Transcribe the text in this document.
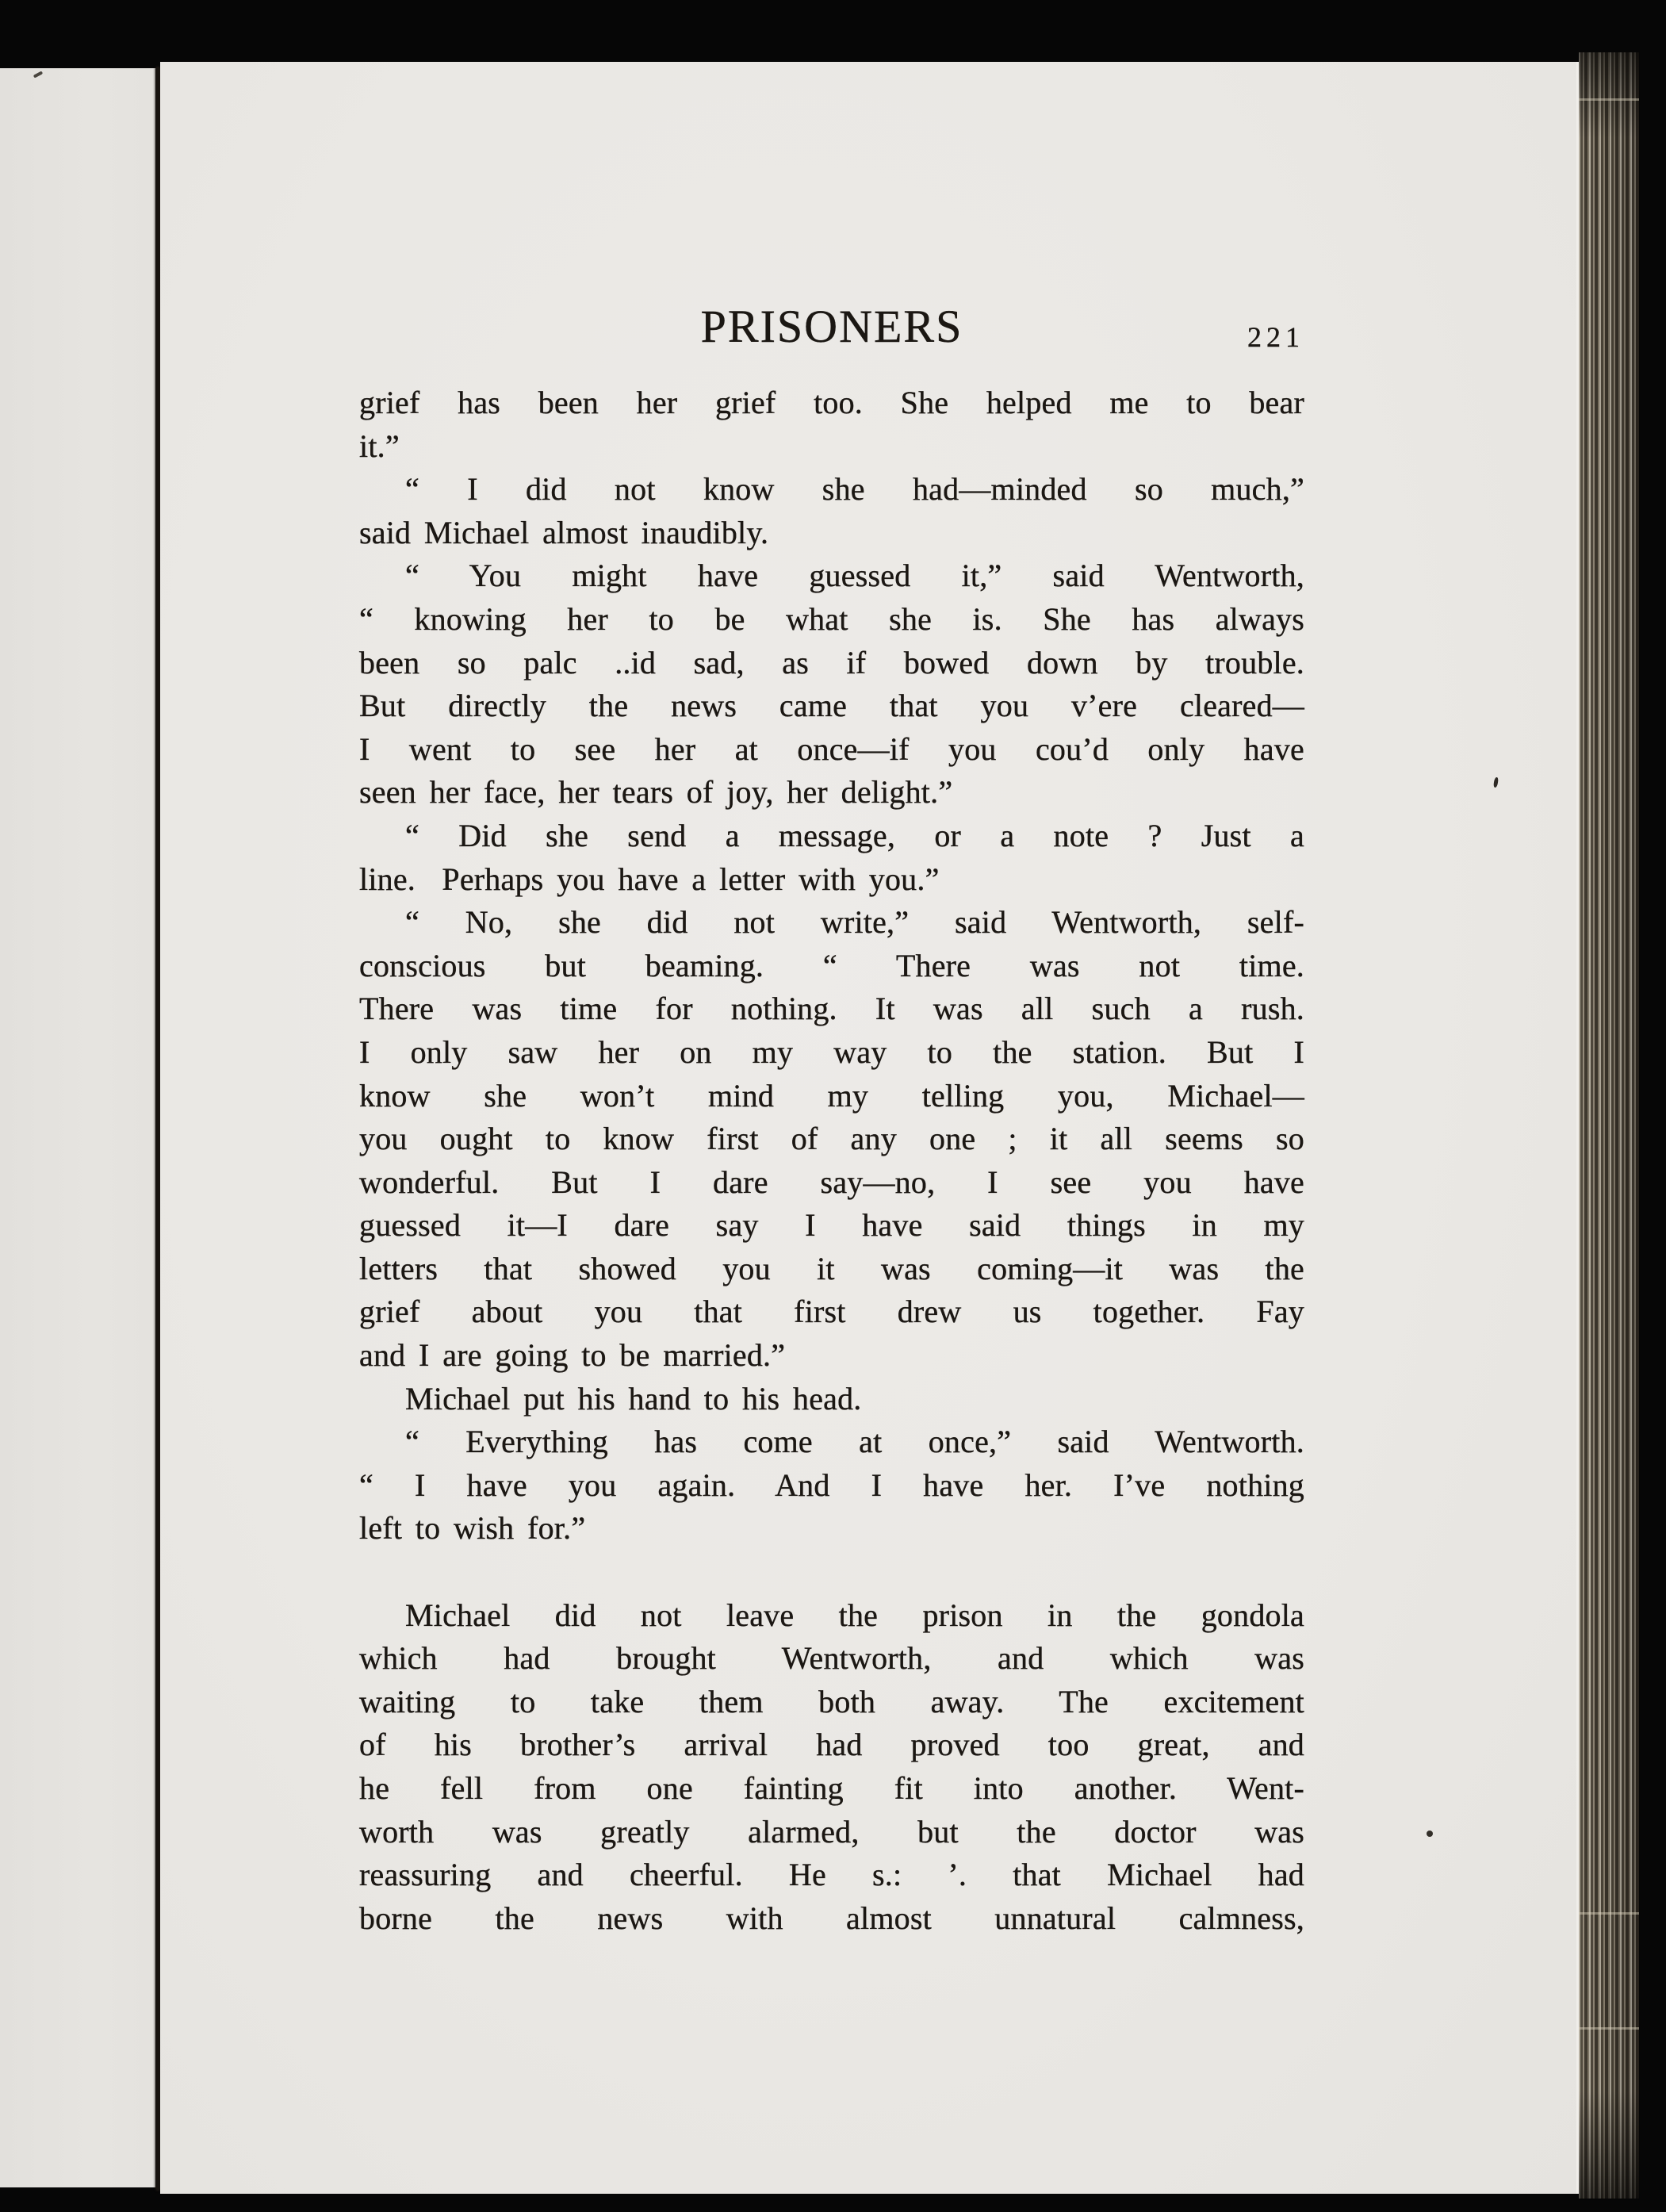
PRISONERS	221
grief has been her grief too. She helped me to bear
it.”
“ I did not know she had—minded so much,”
said Michael almost inaudibly.
“ You might have guessed it,” said Wentworth,
“ knowing her to be what she is. She has always
been so palc ..id sad, as if bowed down by trouble.
But directly the news came that you v’ere cleared—
I went to see her at once—if you cou’d only have
seen her face, her tears of joy, her delight.”
“ Did she send a message, or a note ? Just a
line.  Perhaps you have a letter with you.”
“ No, she did not write,” said Wentworth, self-
conscious but beaming. “ There was not time.
There was time for nothing. It was all such a rush.
I only saw her on my way to the station. But I
know she won’t mind my telling you, Michael—
you ought to know first of any one ; it all seems so
wonderful. But I dare say—no, I see you have
guessed it—I dare say I have said things in my
letters that showed you it was coming—it was the
grief about you that first drew us together. Fay
and I are going to be married.”
Michael put his hand to his head.
“ Everything has come at once,” said Wentworth.
“ I have you again. And I have her. I’ve nothing
left to wish for.”
Michael did not leave the prison in the gondola
which had brought Wentworth, and which was
waiting to take them both away. The excitement
of his brother’s arrival had proved too great, and
he fell from one fainting fit into another. Went-
worth was greatly alarmed, but the doctor was
reassuring and cheerful. He s.: ’. that Michael had
borne the news with almost unnatural calmness,
